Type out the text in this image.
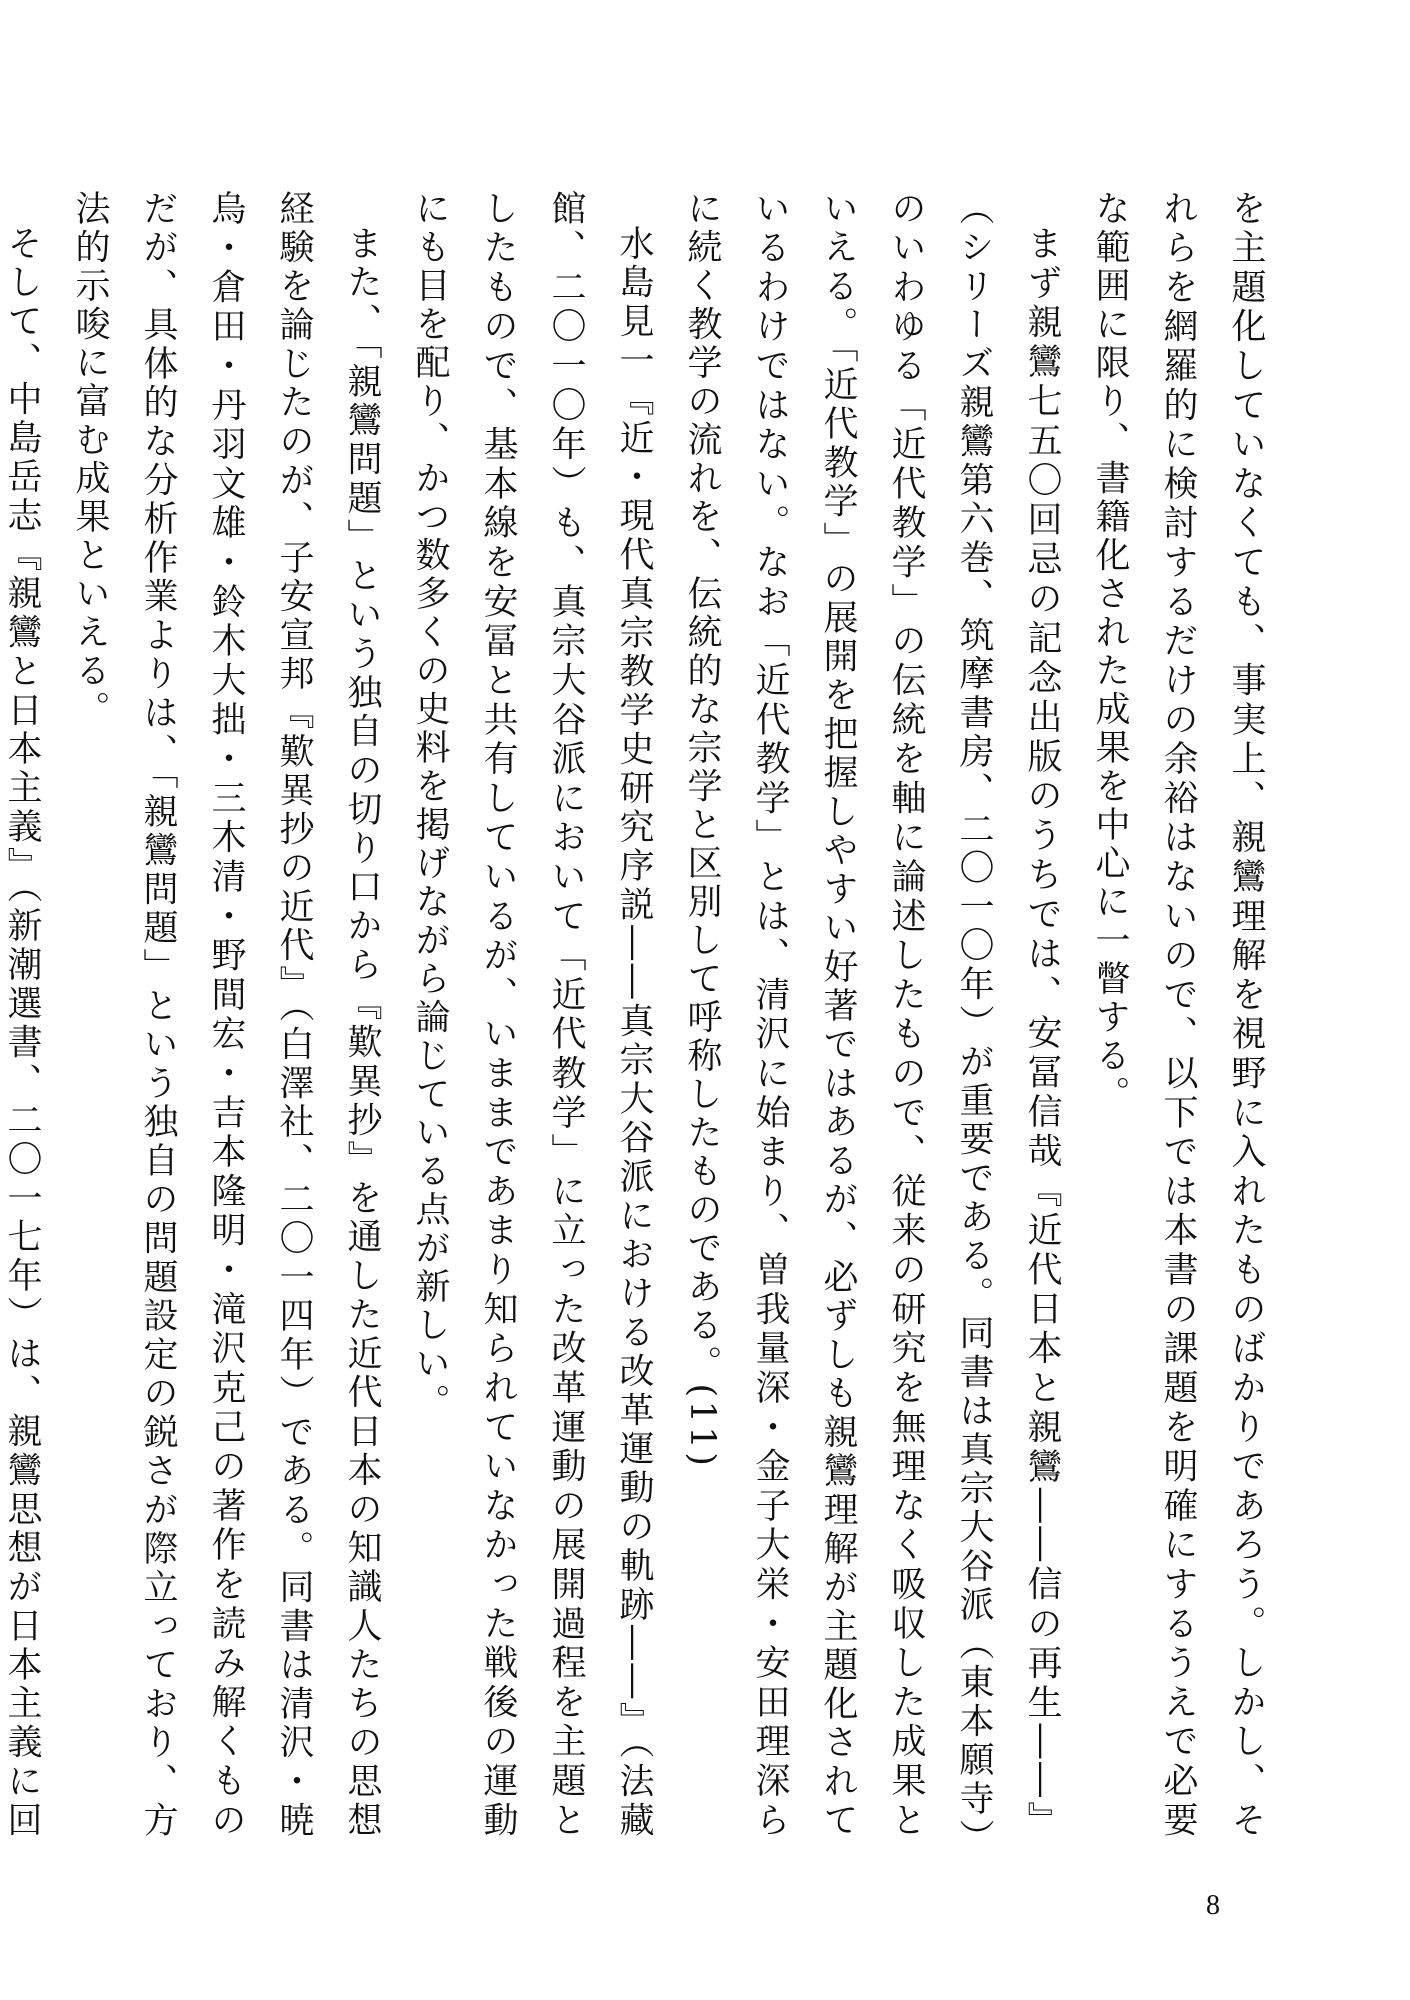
を主題化していなくても、事実上、親鸞理解を視野に入れたものばかりであろう。しかし、それらを網羅的に検討するだけの余裕はないので、以下では本書の課題を明確にするうえで必要な範囲に限り、書籍化された成果を中心に一瞥する。

まず親鸞七五〇回忌の記念出版のうちでは、安冨信哉『近代日本と親鸞――信の再生――』（シリーズ親鸞第六巻、筑摩書房、二〇一〇年）が重要である。同書は真宗大谷派（東本願寺）のいわゆる「近代教学」の伝統を軸に論述したもので、従来の研究を無理なく吸収した成果といえる。「近代教学」の展開を把握しやすい好著ではあるが、必ずしも親鸞理解が主題化されているわけではない。なお「近代教学」とは、清沢に始まり、曽我量深・金子大栄・安田理深らに続く教学の流れを、伝統的な宗学と区別して呼称したものである。(11)

水島見一『近・現代真宗教学史研究序説――真宗大谷派における改革運動の軌跡――』（法藏館、二〇一〇年）も、真宗大谷派において「近代教学」に立った改革運動の展開過程を主題としたもので、基本線を安冨と共有しているが、いままであまり知られていなかった戦後の運動にも目を配り、かつ数多くの史料を掲げながら論じている点が新しい。

また、「親鸞問題」という独自の切り口から『歎異抄』を通した近代日本の知識人たちの思想経験を論じたのが、子安宣邦『歎異抄の近代』（白澤社、二〇一四年）である。同書は清沢・暁烏・倉田・丹羽文雄・鈴木大拙・三木清・野間宏・吉本隆明・滝沢克己の著作を読み解くものだが、具体的な分析作業よりは、「親鸞問題」という独自の問題設定の鋭さが際立っており、方法的示唆に富む成果といえる。

そして、中島岳志『親鸞と日本主義』（新潮選書、二〇一七年）は、親鸞思想が日本主義に回

8
